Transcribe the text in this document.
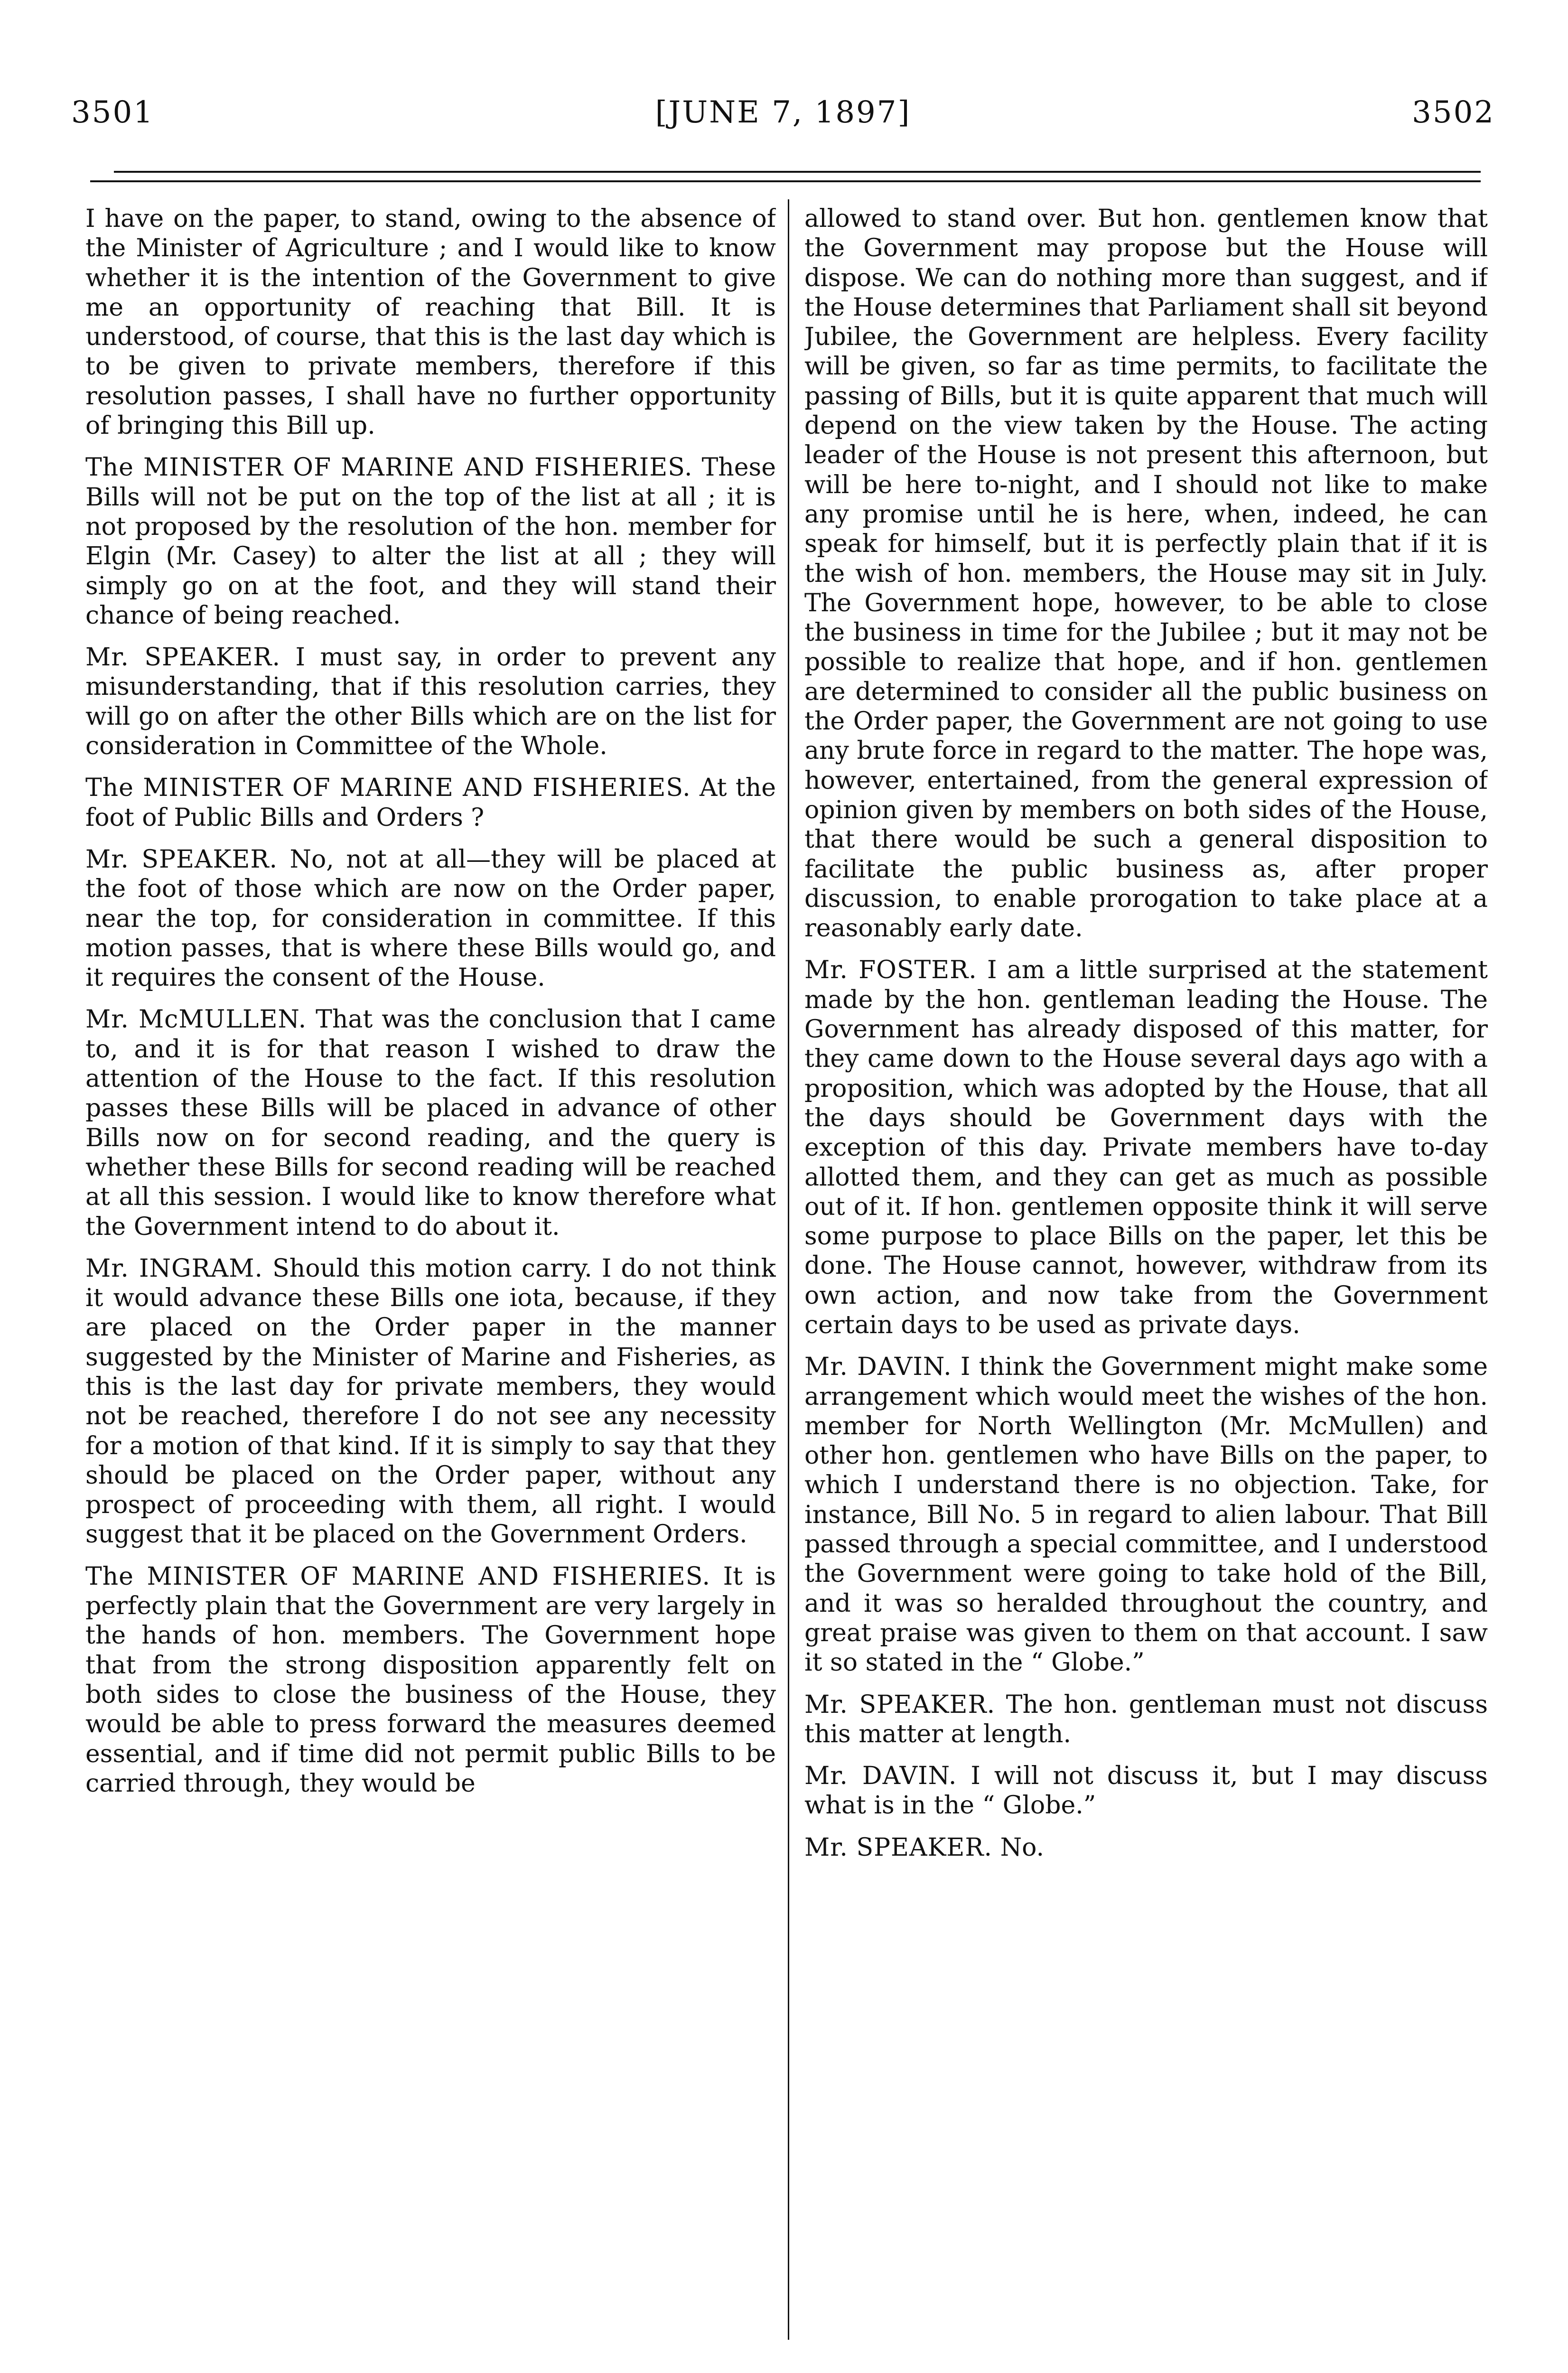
3501	[JUNE 7, 1897]	3502

I have on the paper, to stand, owing to the absence of the Minister of Agriculture ; and I would like to know whether it is the intention of the Government to give me an opportunity of reaching that Bill. It is understood, of course, that this is the last day which is to be given to private members, therefore if this resolution passes, I shall have no further opportunity of bringing this Bill up.

The MINISTER OF MARINE AND FISHERIES. These Bills will not be put on the top of the list at all ; it is not proposed by the resolution of the hon. member for Elgin (Mr. Casey) to alter the list at all ; they will simply go on at the foot, and they will stand their chance of being reached.

Mr. SPEAKER. I must say, in order to prevent any misunderstanding, that if this resolution carries, they will go on after the other Bills which are on the list for consideration in Committee of the Whole.

The MINISTER OF MARINE AND FISHERIES. At the foot of Public Bills and Orders ?

Mr. SPEAKER. No, not at all—they will be placed at the foot of those which are now on the Order paper, near the top, for consideration in committee. If this motion passes, that is where these Bills would go, and it requires the consent of the House.

Mr. McMULLEN. That was the conclusion that I came to, and it is for that reason I wished to draw the attention of the House to the fact. If this resolution passes these Bills will be placed in advance of other Bills now on for second reading, and the query is whether these Bills for second reading will be reached at all this session. I would like to know therefore what the Government intend to do about it.

Mr. INGRAM. Should this motion carry. I do not think it would advance these Bills one iota, because, if they are placed on the Order paper in the manner suggested by the Minister of Marine and Fisheries, as this is the last day for private members, they would not be reached, therefore I do not see any necessity for a motion of that kind. If it is simply to say that they should be placed on the Order paper, without any prospect of proceeding with them, all right. I would suggest that it be placed on the Government Orders.

The MINISTER OF MARINE AND FISHERIES. It is perfectly plain that the Government are very largely in the hands of hon. members. The Government hope that from the strong disposition apparently felt on both sides to close the business of the House, they would be able to press forward the measures deemed essential, and if time did not permit public Bills to be carried through, they would be

allowed to stand over. But hon. gentlemen know that the Government may propose but the House will dispose. We can do nothing more than suggest, and if the House determines that Parliament shall sit beyond Jubilee, the Government are helpless. Every facility will be given, so far as time permits, to facilitate the passing of Bills, but it is quite apparent that much will depend on the view taken by the House. The acting leader of the House is not present this afternoon, but will be here to-night, and I should not like to make any promise until he is here, when, indeed, he can speak for himself, but it is perfectly plain that if it is the wish of hon. members, the House may sit in July. The Government hope, however, to be able to close the business in time for the Jubilee ; but it may not be possible to realize that hope, and if hon. gentlemen are determined to consider all the public business on the Order paper, the Government are not going to use any brute force in regard to the matter. The hope was, however, entertained, from the general expression of opinion given by members on both sides of the House, that there would be such a general disposition to facilitate the public business as, after proper discussion, to enable prorogation to take place at a reasonably early date.

Mr. FOSTER. I am a little surprised at the statement made by the hon. gentleman leading the House. The Government has already disposed of this matter, for they came down to the House several days ago with a proposition, which was adopted by the House, that all the days should be Government days with the exception of this day. Private members have to-day allotted them, and they can get as much as possible out of it. If hon. gentlemen opposite think it will serve some purpose to place Bills on the paper, let this be done. The House cannot, however, withdraw from its own action, and now take from the Government certain days to be used as private days.

Mr. DAVIN. I think the Government might make some arrangement which would meet the wishes of the hon. member for North Wellington (Mr. McMullen) and other hon. gentlemen who have Bills on the paper, to which I understand there is no objection. Take, for instance, Bill No. 5 in regard to alien labour. That Bill passed through a special committee, and I understood the Government were going to take hold of the Bill, and it was so heralded throughout the country, and great praise was given to them on that account. I saw it so stated in the “ Globe.”

Mr. SPEAKER. The hon. gentleman must not discuss this matter at length.

Mr. DAVIN. I will not discuss it, but I may discuss what is in the “ Globe.”

Mr. SPEAKER. No.
